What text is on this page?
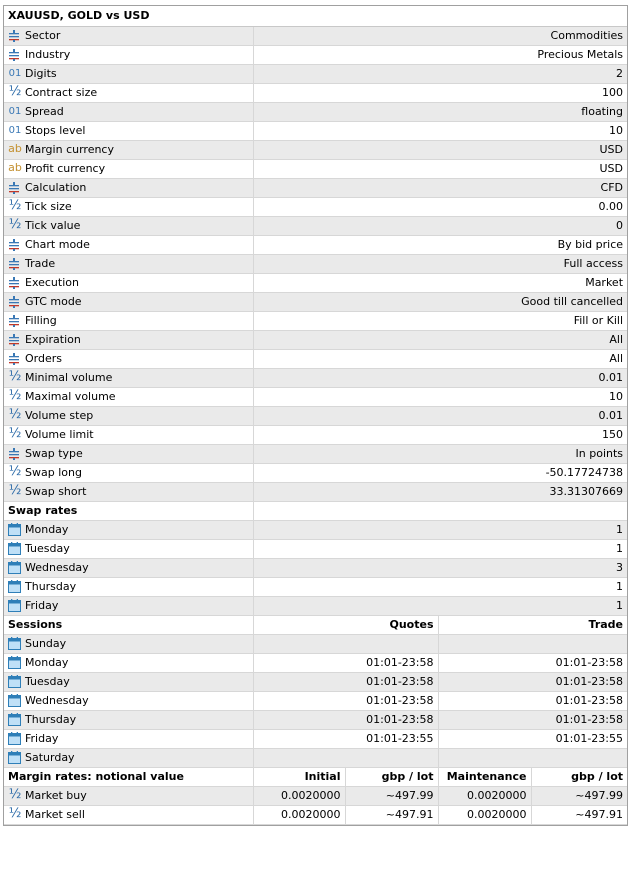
XAUUSD, GOLD vs USD				

Sector	Commodities			

Industry	Precious Metals			
01 Digits	2			
½ Contract size	100			
01 Spread	floating			
01 Stops level	10			
ab Margin currency	USD			
ab Profit currency	USD			

Calculation	CFD			
½ Tick size	0.00			
½ Tick value	0			

Chart mode	By bid price			

Trade	Full access			

Execution	Market			

GTC mode	Good till cancelled			

Filling	Fill or Kill			

Expiration	All			

Orders	All			
½ Minimal volume	0.01			
½ Maximal volume	10			
½ Volume step	0.01			
½ Volume limit	150			

Swap type	In points			
½ Swap long	-50.17724738			
½ Swap short	33.31307669			
Swap rates				

Monday	1			

Tuesday	1			

Wednesday	3			

Thursday	1			

Friday	1			
Sessions	Quotes		Trade	

Sunday				

Monday	01:01-23:58		01:01-23:58	

Tuesday	01:01-23:58		01:01-23:58	

Wednesday	01:01-23:58		01:01-23:58	

Thursday	01:01-23:58		01:01-23:58	

Friday	01:01-23:55		01:01-23:55	

Saturday				
Margin rates: notional value	Initial	gbp / lot	Maintenance	gbp / lot
½ Market buy	0.0020000	~497.99	0.0020000	~497.99
½ Market sell	0.0020000	~497.91	0.0020000	~497.91
